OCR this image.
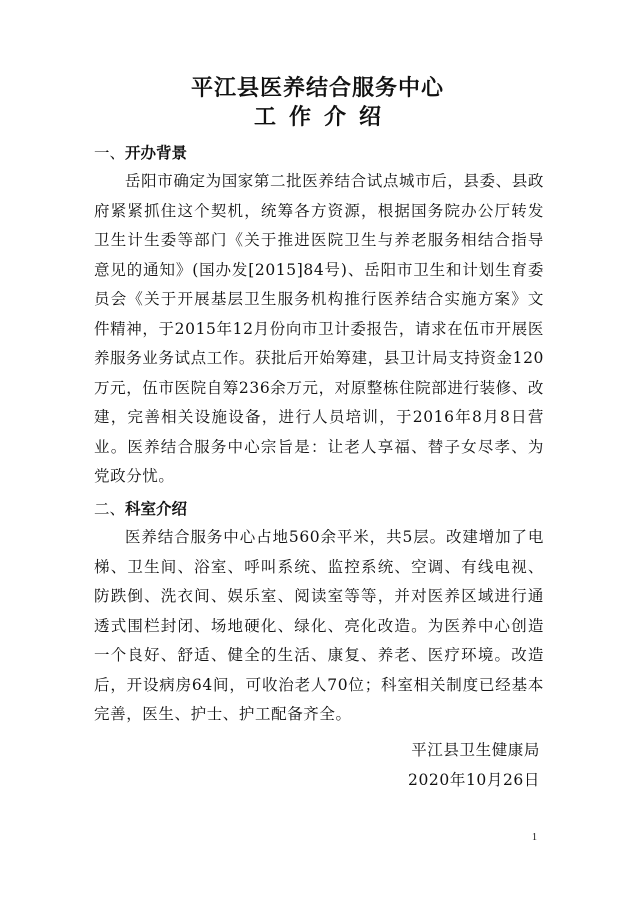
平江县医养结合服务中心
工作介绍
一、开办背景

岳阳市确定为国家第二批医养结合试点城市后，县委、县政府紧紧抓住这个契机，统筹各方资源，根据国务院办公厅转发卫生计生委等部门《关于推进医院卫生与养老服务相结合指导意见的通知》(国办发[2015]84号)、岳阳市卫生和计划生育委员会《关于开展基层卫生服务机构推行医养结合实施方案》文件精神，于2015年12月份向市卫计委报告，请求在伍市开展医养服务业务试点工作。获批后开始筹建，县卫计局支持资金120万元，伍市医院自筹236余万元，对原整栋住院部进行装修、改建，完善相关设施设备，进行人员培训，于2016年8月8日营业。医养结合服务中心宗旨是：让老人享福、替子女尽孝、为党政分忧。

二、科室介绍

医养结合服务中心占地560余平米，共5层。改建增加了电梯、卫生间、浴室、呼叫系统、监控系统、空调、有线电视、防跌倒、洗衣间、娱乐室、阅读室等等，并对医养区域进行通透式围栏封闭、场地硬化、绿化、亮化改造。为医养中心创造一个良好、舒适、健全的生活、康复、养老、医疗环境。改造后，开设病房64间，可收治老人70位；科室相关制度已经基本完善，医生、护士、护工配备齐全。

平江县卫生健康局

2020年10月26日

1
